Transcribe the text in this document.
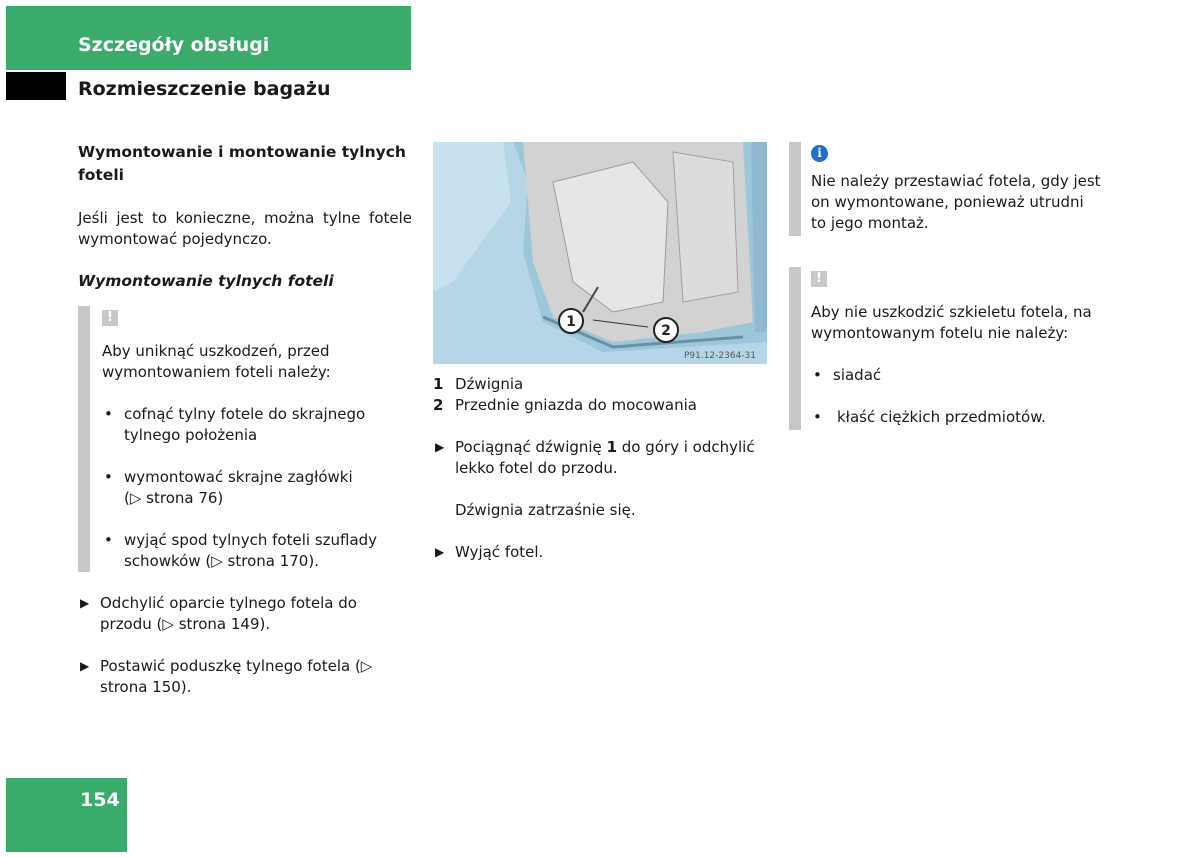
Szczegóły obsługi
Rozmieszczenie bagażu
Wymontowanie i montowanie tylnych foteli
Jeśli jest to konieczne, można tylne fotele wymontować pojedynczo.
Wymontowanie tylnych foteli
!
Aby uniknąć uszkodzeń, przed wymontowaniem foteli należy:
• cofnąć tylny fotele do skrajnego tylnego położenia
• wymontować skrajne zagłówki (▷ strona 76)
• wyjąć spod tylnych foteli szuflady schowków (▷ strona 170).
▶ Odchylić oparcie tylnego fotela do przodu (▷ strona 149).
▶ Postawić poduszkę tylnego fotela (▷ strona 150).
1
2
P91.12-2364-31
1 Dźwignia
2 Przednie gniazda do mocowania
▶ Pociągnąć dźwignię 1 do góry i odchylić lekko fotel do przodu.
Dźwignia zatrzaśnie się.
▶ Wyjąć fotel.
i
Nie należy przestawiać fotela, gdy jest on wymontowane, ponieważ utrudni to jego montaż.
!
Aby nie uszkodzić szkieletu fotela, na wymontowanym fotelu nie należy:
• siadać
• kłaść ciężkich przedmiotów.
154
